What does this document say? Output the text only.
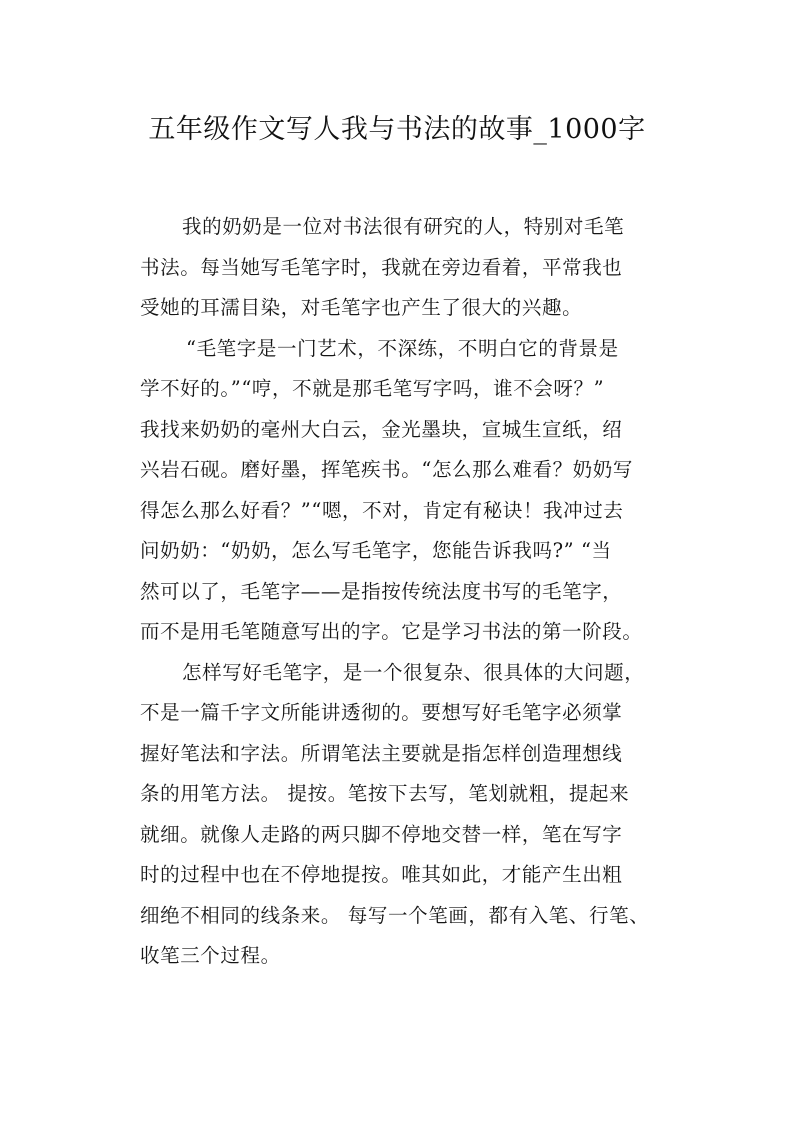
五年级作文写人我与书法的故事_1000字
我的奶奶是一位对书法很有研究的人，特别对毛笔
书法。每当她写毛笔字时，我就在旁边看着，平常我也
受她的耳濡目染，对毛笔字也产生了很大的兴趣。
“毛笔字是一门艺术，不深练，不明白它的背景是
学不好的。”“哼，不就是那毛笔写字吗，谁不会呀？”
我找来奶奶的毫州大白云，金光墨块，宣城生宣纸，绍
兴岩石砚。磨好墨，挥笔疾书。“怎么那么难看？奶奶写
得怎么那么好看？”“嗯，不对，肯定有秘诀！我冲过去
问奶奶：“奶奶，怎么写毛笔字，您能告诉我吗?” “当
然可以了，毛笔字——是指按传统法度书写的毛笔字，
而不是用毛笔随意写出的字。它是学习书法的第一阶段。
怎样写好毛笔字，是一个很复杂、很具体的大问题，
不是一篇千字文所能讲透彻的。要想写好毛笔字必须掌
握好笔法和字法。所谓笔法主要就是指怎样创造理想线
条的用笔方法。 提按。笔按下去写，笔划就粗，提起来
就细。就像人走路的两只脚不停地交替一样，笔在写字
时的过程中也在不停地提按。唯其如此，才能产生出粗
细绝不相同的线条来。 每写一个笔画，都有入笔、行笔、
收笔三个过程。
